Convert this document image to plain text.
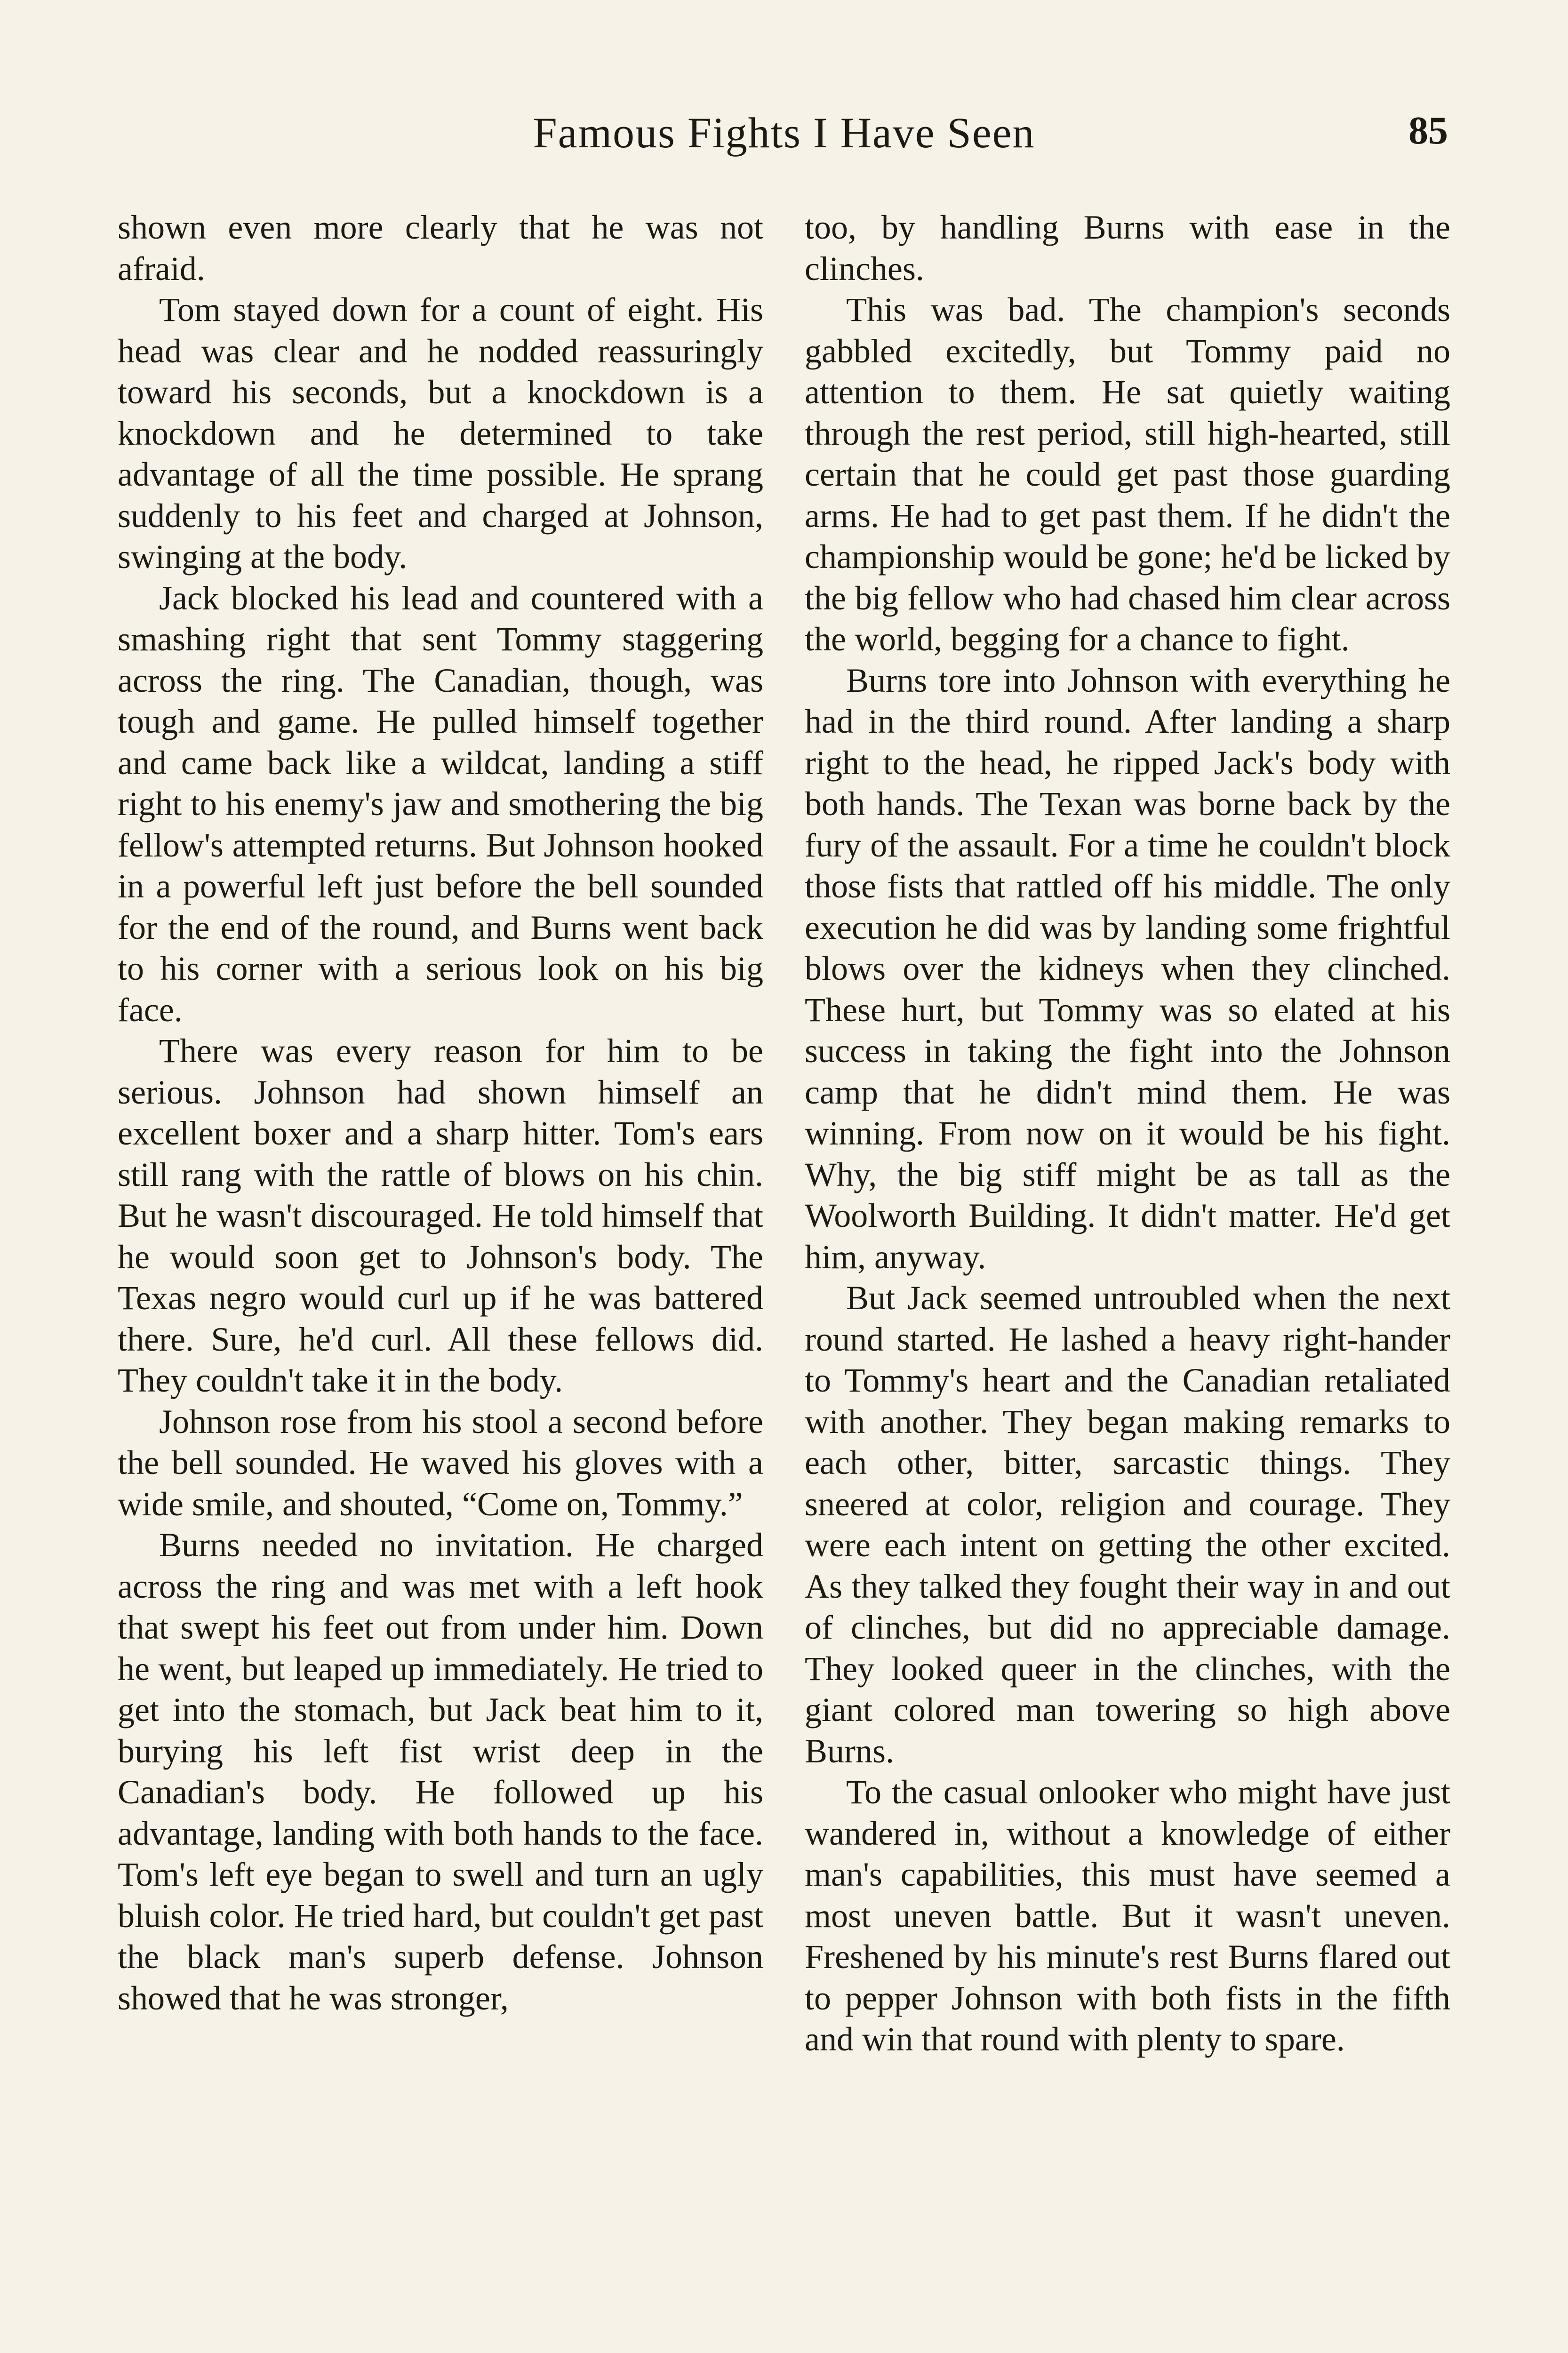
Famous Fights I Have Seen	85

shown even more clearly that he was not afraid.

Tom stayed down for a count of eight. His head was clear and he nodded reassuringly toward his seconds, but a knockdown is a knockdown and he determined to take advantage of all the time possible. He sprang suddenly to his feet and charged at Johnson, swinging at the body.

Jack blocked his lead and countered with a smashing right that sent Tommy staggering across the ring. The Canadian, though, was tough and game. He pulled himself together and came back like a wildcat, landing a stiff right to his enemy's jaw and smothering the big fellow's attempted returns. But Johnson hooked in a powerful left just before the bell sounded for the end of the round, and Burns went back to his corner with a serious look on his big face.

There was every reason for him to be serious. Johnson had shown himself an excellent boxer and a sharp hitter. Tom's ears still rang with the rattle of blows on his chin. But he wasn't discouraged. He told himself that he would soon get to Johnson's body. The Texas negro would curl up if he was battered there. Sure, he'd curl. All these fellows did. They couldn't take it in the body.

Johnson rose from his stool a second before the bell sounded. He waved his gloves with a wide smile, and shouted, “Come on, Tommy.”

Burns needed no invitation. He charged across the ring and was met with a left hook that swept his feet out from under him. Down he went, but leaped up immediately. He tried to get into the stomach, but Jack beat him to it, burying his left fist wrist deep in the Canadian's body. He followed up his advantage, landing with both hands to the face. Tom's left eye began to swell and turn an ugly bluish color. He tried hard, but couldn't get past the black man's superb defense. Johnson showed that he was stronger,

too, by handling Burns with ease in the clinches.

This was bad. The champion's seconds gabbled excitedly, but Tommy paid no attention to them. He sat quietly waiting through the rest period, still high-hearted, still certain that he could get past those guarding arms. He had to get past them. If he didn't the championship would be gone; he'd be licked by the big fellow who had chased him clear across the world, begging for a chance to fight.

Burns tore into Johnson with everything he had in the third round. After landing a sharp right to the head, he ripped Jack's body with both hands. The Texan was borne back by the fury of the assault. For a time he couldn't block those fists that rattled off his middle. The only execution he did was by landing some frightful blows over the kidneys when they clinched. These hurt, but Tommy was so elated at his success in taking the fight into the Johnson camp that he didn't mind them. He was winning. From now on it would be his fight. Why, the big stiff might be as tall as the Woolworth Building. It didn't matter. He'd get him, anyway.

But Jack seemed untroubled when the next round started. He lashed a heavy right-hander to Tommy's heart and the Canadian retaliated with another. They began making remarks to each other, bitter, sarcastic things. They sneered at color, religion and courage. They were each intent on getting the other excited. As they talked they fought their way in and out of clinches, but did no appreciable damage. They looked queer in the clinches, with the giant colored man towering so high above Burns.

To the casual onlooker who might have just wandered in, without a knowledge of either man's capabilities, this must have seemed a most uneven battle. But it wasn't uneven. Freshened by his minute's rest Burns flared out to pepper Johnson with both fists in the fifth and win that round with plenty to spare.
